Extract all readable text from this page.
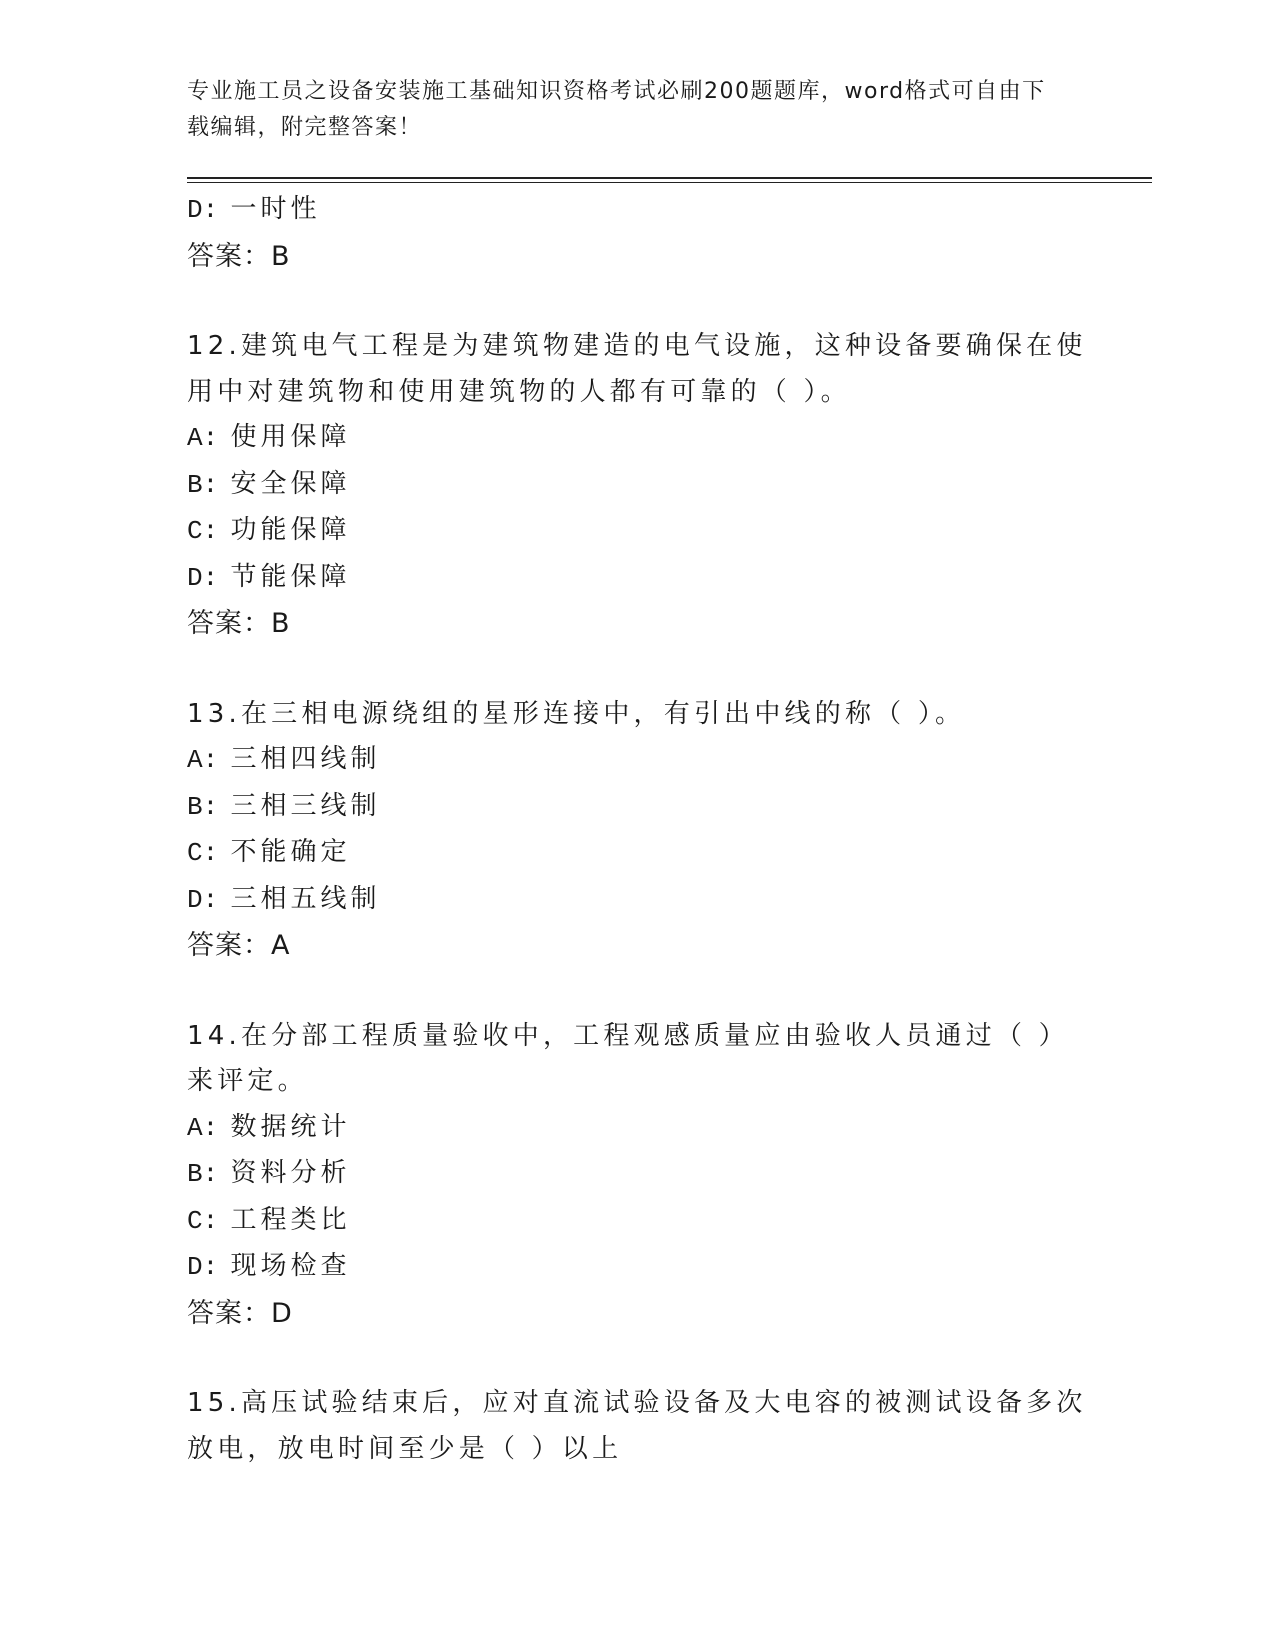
专业施工员之设备安装施工基础知识资格考试必刷200题题库，word格式可自由下载编辑，附完整答案！
D: 一时性
答案：B
12.建筑电气工程是为建筑物建造的电气设施，这种设备要确保在使用中对建筑物和使用建筑物的人都有可靠的（ ）。
A: 使用保障
B: 安全保障
C: 功能保障
D: 节能保障
答案：B
13.在三相电源绕组的星形连接中，有引出中线的称（ ）。
A: 三相四线制
B: 三相三线制
C: 不能确定
D: 三相五线制
答案：A
14.在分部工程质量验收中，工程观感质量应由验收人员通过（ ）来评定。
A: 数据统计
B: 资料分析
C: 工程类比
D: 现场检查
答案：D
15.高压试验结束后，应对直流试验设备及大电容的被测试设备多次放电，放电时间至少是（ ）以上
